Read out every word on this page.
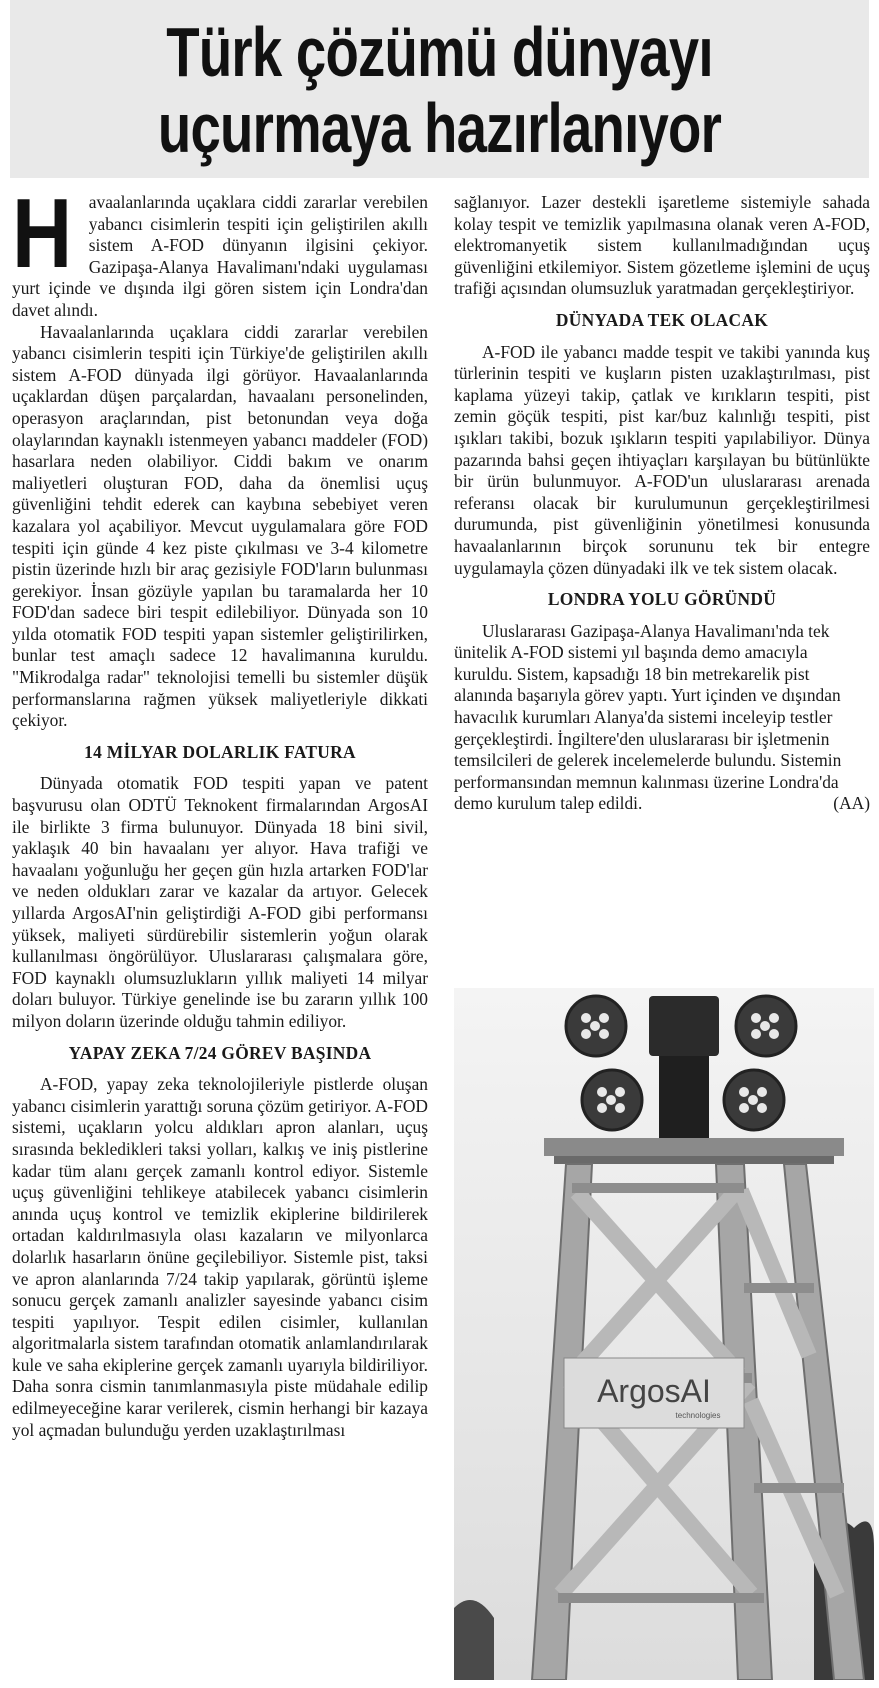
Türk çözümü dünyayı
uçurmaya hazırlanıyor

Havaalanlarında uçaklara ciddi zararlar verebilen yabancı cisimlerin tespiti için geliştirilen akıllı sistem A-FOD dünyanın ilgisini çekiyor. Gazipaşa-Alanya Havalimanı'ndaki uygulaması yurt içinde ve dışında ilgi gören sistem için Londra'dan davet alındı.

Havaalanlarında uçaklara ciddi zararlar verebilen yabancı cisimlerin tespiti için Türkiye'de geliştirilen akıllı sistem A-FOD dünyada ilgi görüyor. Havaalanlarında uçaklardan düşen parçalardan, havaalanı personelinden, operasyon araçlarından, pist betonundan veya doğa olaylarından kaynaklı istenmeyen yabancı maddeler (FOD) hasarlara neden olabiliyor. Ciddi bakım ve onarım maliyetleri oluşturan FOD, daha da önemlisi uçuş güvenliğini tehdit ederek can kaybına sebebiyet veren kazalara yol açabiliyor. Mevcut uygulamalara göre FOD tespiti için günde 4 kez piste çıkılması ve 3-4 kilometre pistin üzerinde hızlı bir araç gezisiyle FOD'ların bulunması gerekiyor. İnsan gözüyle yapılan bu taramalarda her 10 FOD'dan sadece biri tespit edilebiliyor. Dünyada son 10 yılda otomatik FOD tespiti yapan sistemler geliştirilirken, bunlar test amaçlı sadece 12 havalimanına kuruldu. "Mikrodalga radar" teknolojisi temelli bu sistemler düşük performanslarına rağmen yüksek maliyetleriyle dikkati çekiyor.

14 MİLYAR DOLARLIK FATURA

Dünyada otomatik FOD tespiti yapan ve patent başvurusu olan ODTÜ Teknokent firmalarından ArgosAI ile birlikte 3 firma bulunuyor. Dünyada 18 bini sivil, yaklaşık 40 bin havaalanı yer alıyor. Hava trafiği ve havaalanı yoğunluğu her geçen gün hızla artarken FOD'lar ve neden oldukları zarar ve kazalar da artıyor. Gelecek yıllarda ArgosAI'nin geliştirdiği A-FOD gibi performansı yüksek, maliyeti sürdürebilir sistemlerin yoğun olarak kullanılması öngörülüyor. Uluslararası çalışmalara göre, FOD kaynaklı olumsuzlukların yıllık maliyeti 14 milyar doları buluyor. Türkiye genelinde ise bu zararın yıllık 100 milyon doların üzerinde olduğu tahmin ediliyor.

YAPAY ZEKA 7/24 GÖREV BAŞINDA

A-FOD, yapay zeka teknolojileriyle pistlerde oluşan yabancı cisimlerin yarattığı soruna çözüm getiriyor. A-FOD sistemi, uçakların yolcu aldıkları apron alanları, uçuş sırasında bekledikleri taksi yolları, kalkış ve iniş pistlerine kadar tüm alanı gerçek zamanlı kontrol ediyor. Sistemle uçuş güvenliğini tehlikeye atabilecek yabancı cisimlerin anında uçuş kontrol ve temizlik ekiplerine bildirilerek ortadan kaldırılmasıyla olası kazaların ve milyonlarca dolarlık hasarların önüne geçilebiliyor. Sistemle pist, taksi ve apron alanlarında 7/24 takip yapılarak, görüntü işleme sonucu gerçek zamanlı analizler sayesinde yabancı cisim tespiti yapılıyor. Tespit edilen cisimler, kullanılan algoritmalarla sistem tarafından otomatik anlamlandırılarak kule ve saha ekiplerine gerçek zamanlı uyarıyla bildiriliyor. Daha sonra cismin tanımlanmasıyla piste müdahale edilip edilmeyeceğine karar verilerek, cismin herhangi bir kazaya yol açmadan bulunduğu yerden uzaklaştırılması

sağlanıyor. Lazer destekli işaretleme sistemiyle sahada kolay tespit ve temizlik yapılmasına olanak veren A-FOD, elektromanyetik sistem kullanılmadığından uçuş güvenliğini etkilemiyor. Sistem gözetleme işlemini de uçuş trafiği açısından olumsuzluk yaratmadan gerçekleştiriyor.

DÜNYADA TEK OLACAK

A-FOD ile yabancı madde tespit ve takibi yanında kuş türlerinin tespiti ve kuşların pisten uzaklaştırılması, pist kaplama yüzeyi takip, çatlak ve kırıkların tespiti, pist zemin göçük tespiti, pist kar/buz kalınlığı tespiti, pist ışıkları takibi, bozuk ışıkların tespiti yapılabiliyor. Dünya pazarında bahsi geçen ihtiyaçları karşılayan bu bütünlükte bir ürün bulunmuyor. A-FOD'un uluslararası arenada referansı olacak bir kurulumunun gerçekleştirilmesi durumunda, pist güvenliğinin yönetilmesi konusunda havaalanlarının birçok sorununu tek bir entegre uygulamayla çözen dünyadaki ilk ve tek sistem olacak.

LONDRA YOLU GÖRÜNDÜ

Uluslararası Gazipaşa-Alanya Havalimanı'nda tek ünitelik A-FOD sistemi yıl başında demo amacıyla kuruldu. Sistem, kapsadığı 18 bin metrekarelik pist alanında başarıyla görev yaptı. Yurt içinden ve dışından havacılık kurumları Alanya'da sistemi inceleyip testler gerçekleştirdi. İngiltere'den uluslararası bir işletmenin temsilcileri de gelerek incelemelerde bulundu. Sistemin performansından memnun kalınması üzerine Londra'da demo kurulum talep edildi.	(AA)

ArgosAI
technologies
